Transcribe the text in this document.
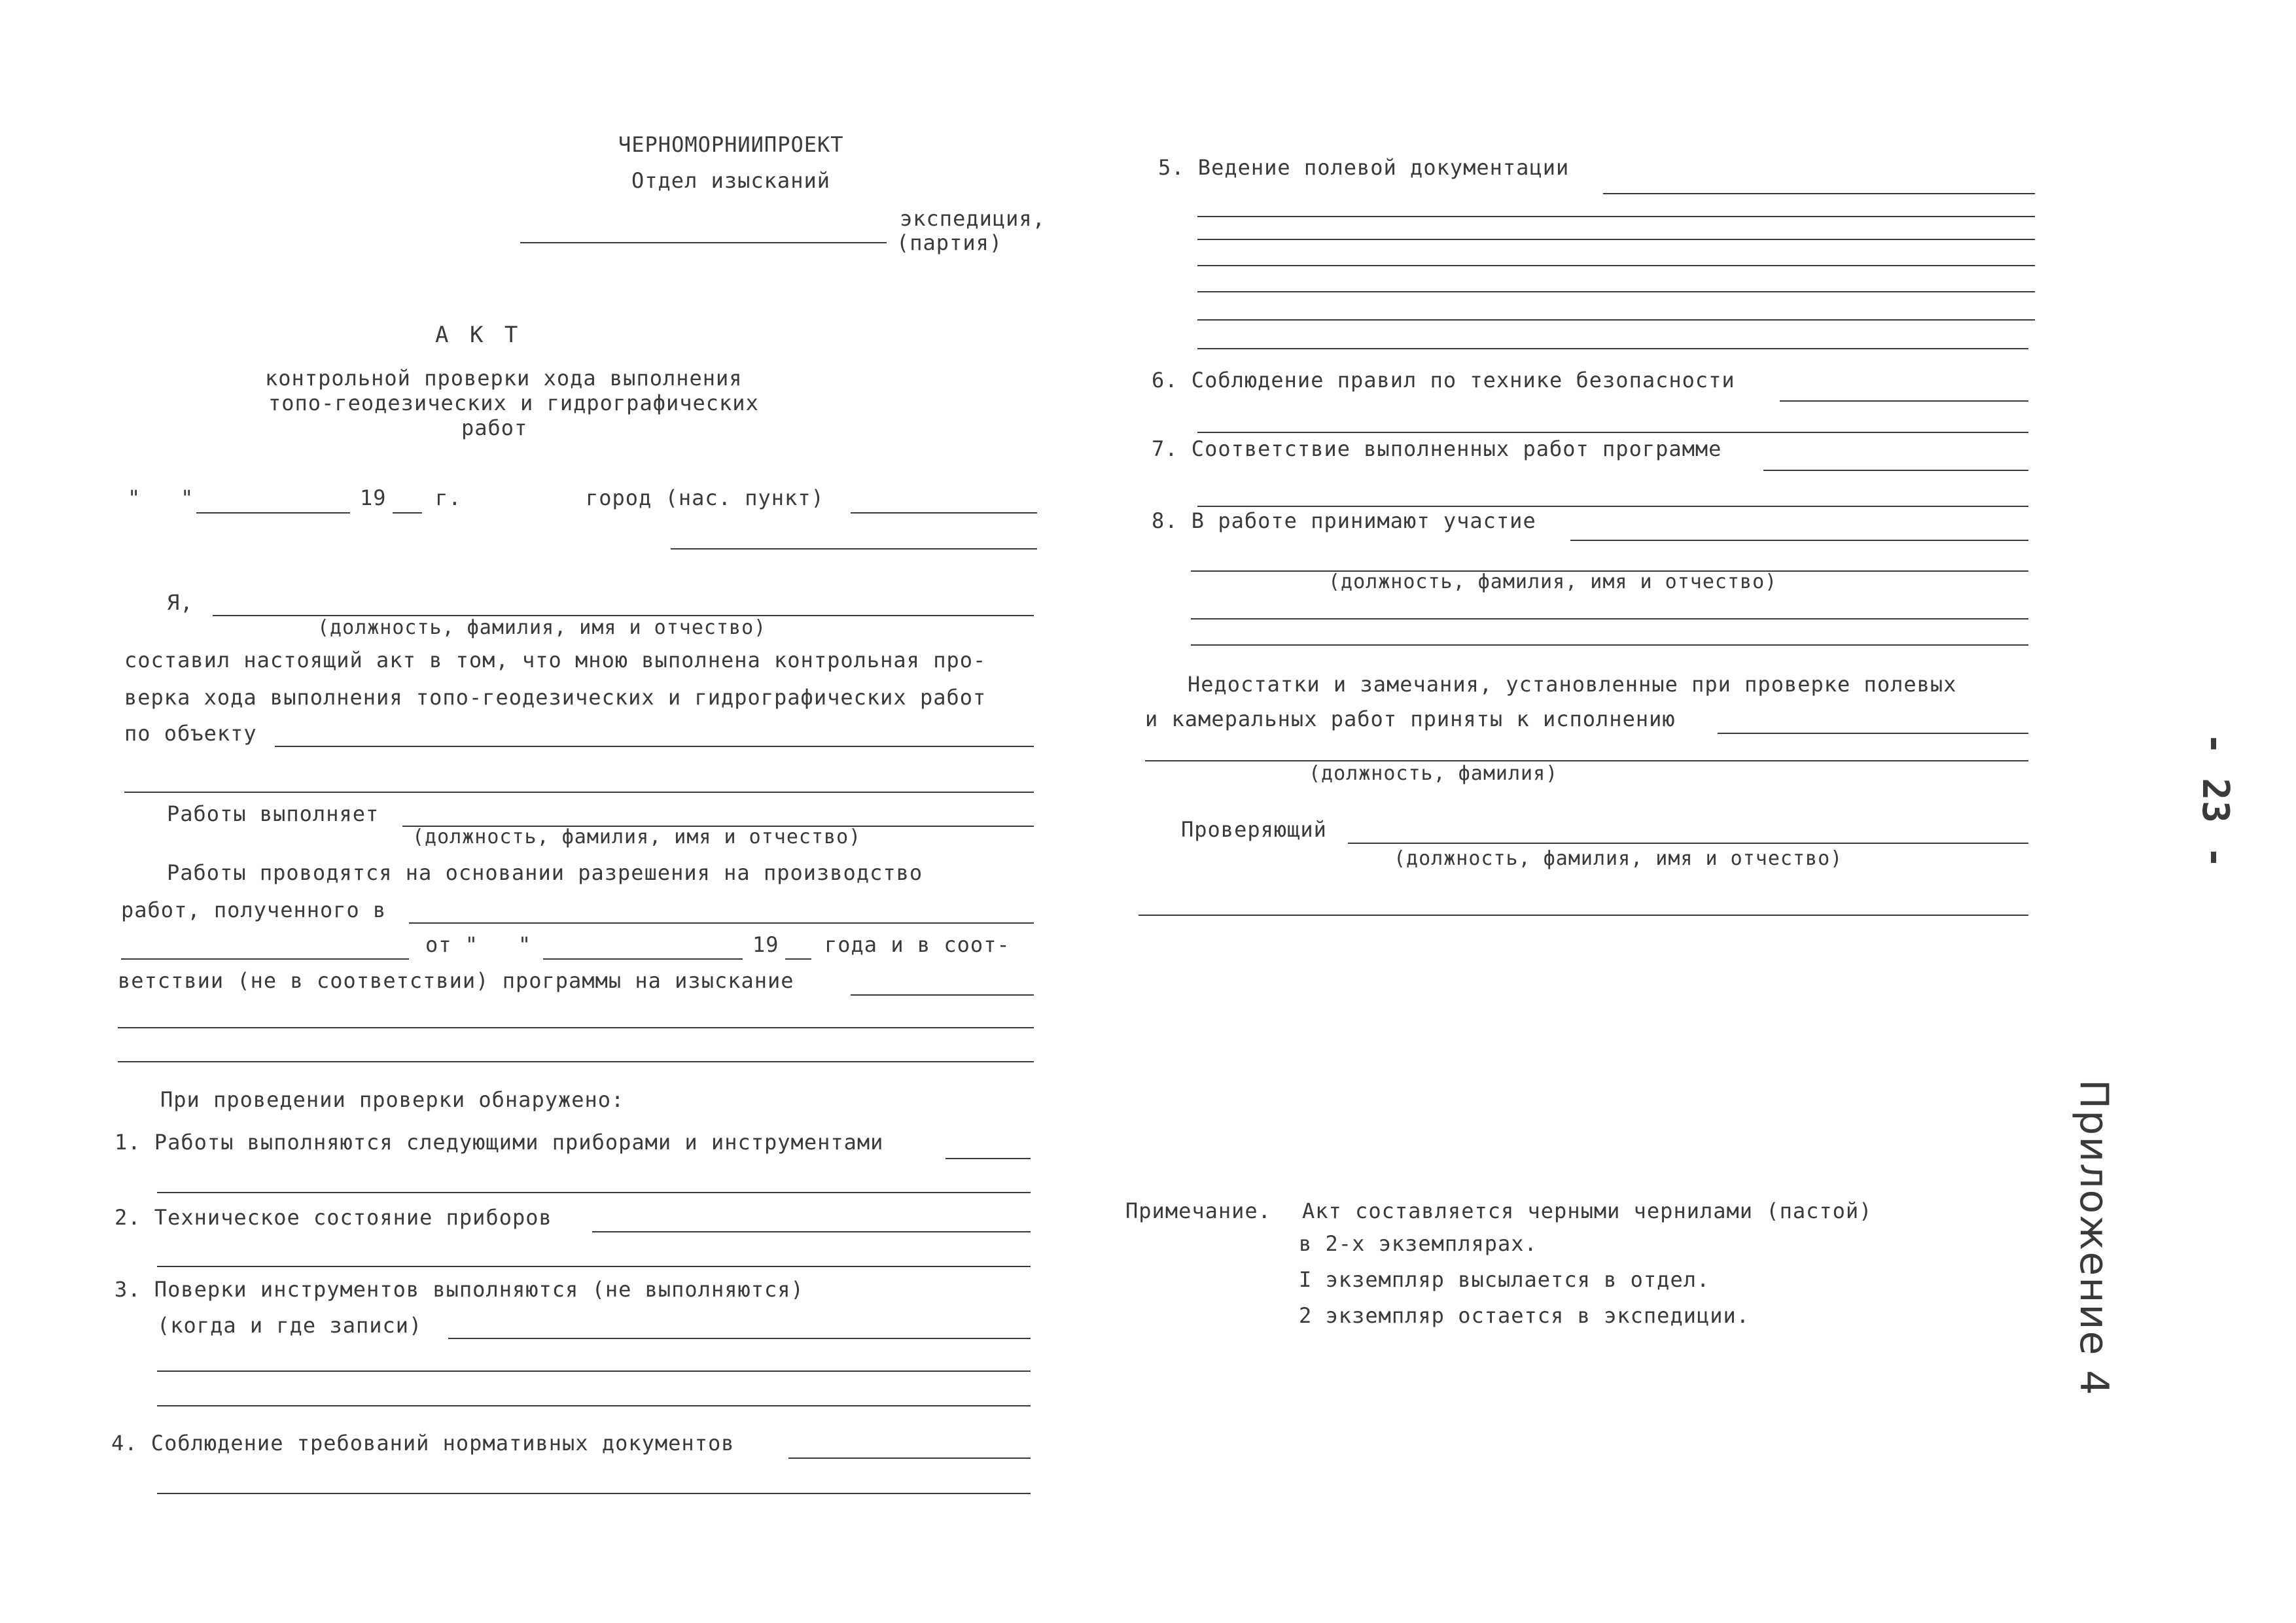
ЧЕРНОМОРНИИПРОЕКТ
Отдел изысканий
экспедиция,
(партия)
А К Т
контрольной проверки хода выполнения
топо-геодезических и гидрографических
работ
"   "	19 г.	город (нас. пункт)
Я,
(должность, фамилия, имя и отчество)
составил настоящий акт в том, что мною выполнена контрольная про-
верка хода выполнения топо-геодезических и гидрографических работ
по объекту
Работы выполняет
(должность, фамилия, имя и отчество)
Работы проводятся на основании разрешения на производство
работ, полученного в
от "   "	19 года и в соот-
ветствии (не в соответствии) программы на изыскание
При проведении проверки обнаружено:
1. Работы выполняются следующими приборами и инструментами
2. Техническое состояние приборов
3. Поверки инструментов выполняются (не выполняются)
(когда и где записи)
4. Соблюдение требований нормативных документов
5. Ведение полевой документации
6. Соблюдение правил по технике безопасности
7. Соответствие выполненных работ программе
8. В работе принимают участие
(должность, фамилия, имя и отчество)
Недостатки и замечания, установленные при проверке полевых
и камеральных работ приняты к исполнению
(должность, фамилия)
Проверяющий
(должность, фамилия, имя и отчество)
Примечание. Акт составляется черными чернилами (пастой)
в 2-х экземплярах.
I экземпляр высылается в отдел.
2 экземпляр остается в экспедиции.
- 23 -
Приложение 4
